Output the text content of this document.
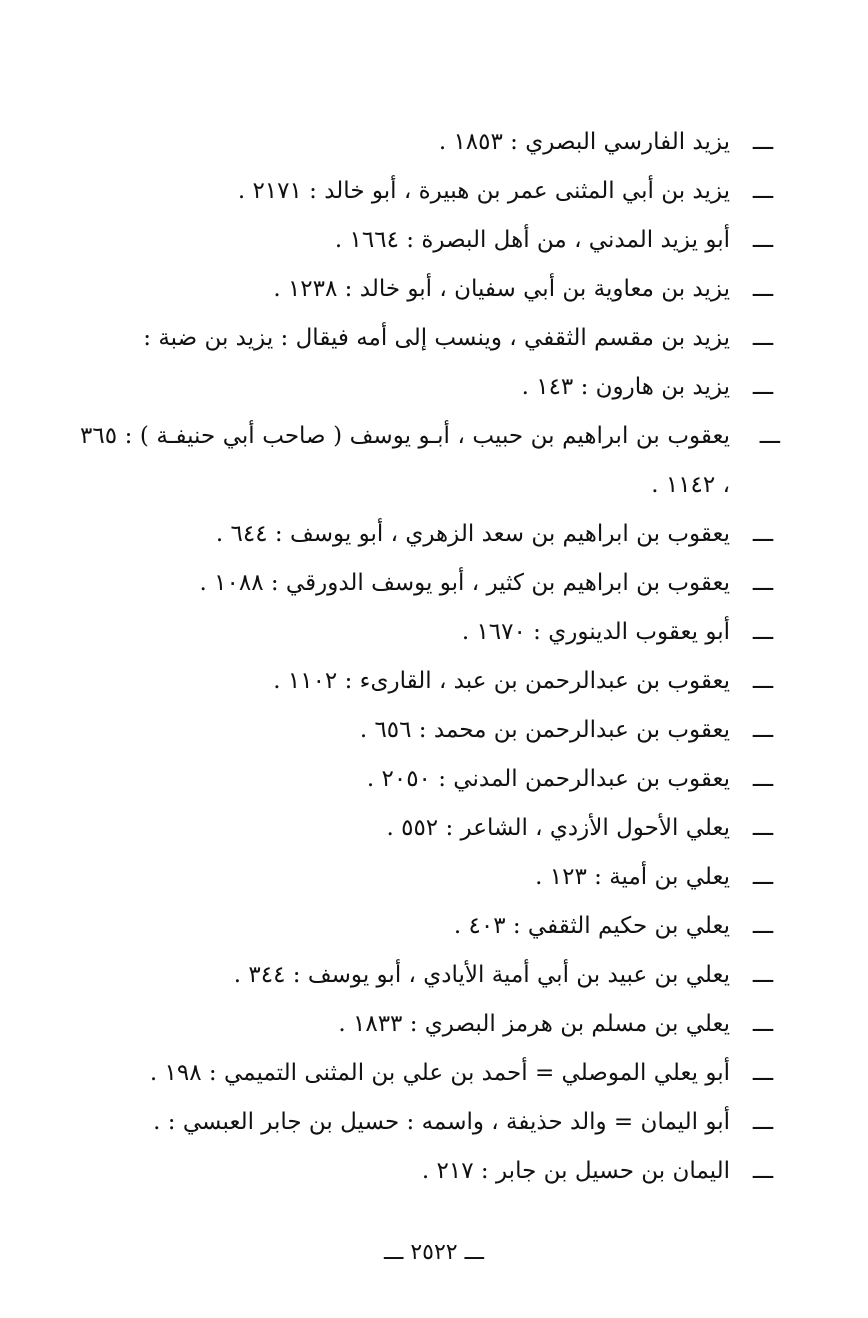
ـــ
يزيد الفارسي البصري : ١٨٥٣ .
ـــ
يزيد بن أبي المثنى عمر بن هبيرة ، أبو خالد : ٢١٧١ .
ـــ
أبو يزيد المدني ، من أهل البصرة : ١٦٦٤ .
ـــ
يزيد بن معاوية بن أبي سفيان ، أبو خالد : ١٢٣٨ .
ـــ
يزيد بن مقسم الثقفي ، وينسب إلى أمه فيقال : يزيد بن ضبة :
ـــ
يزيد بن هارون : ١٤٣ .
ـــ
يعقوب بن ابراهيم بن حبيب ، أبـو يوسف ( صاحب أبي حنيفـة ) : ٣٦٥ ، ١١٤٢ .
ـــ
يعقوب بن ابراهيم بن سعد الزهري ، أبو يوسف : ٦٤٤ .
ـــ
يعقوب بن ابراهيم بن كثير ، أبو يوسف الدورقي : ١٠٨٨ .
ـــ
أبو يعقوب الدينوري : ١٦٧٠ .
ـــ
يعقوب بن عبدالرحمن بن عبد ، القارىء : ١١٠٢ .
ـــ
يعقوب بن عبدالرحمن بن محمد : ٦٥٦ .
ـــ
يعقوب بن عبدالرحمن المدني : ٢٠٥٠ .
ـــ
يعلي الأحول الأزدي ، الشاعر : ٥٥٢ .
ـــ
يعلي بن أمية : ١٢٣ .
ـــ
يعلي بن حكيم الثقفي : ٤٠٣ .
ـــ
يعلي بن عبيد بن أبي أمية الأيادي ، أبو يوسف : ٣٤٤ .
ـــ
يعلي بن مسلم بن هرمز البصري : ١٨٣٣ .
ـــ
أبو يعلي الموصلي = أحمد بن علي بن المثنى التميمي : ١٩٨ .
ـــ
أبو اليمان = والد حذيفة ، واسمه : حسيل بن جابر العبسي : .
ـــ
اليمان بن حسيل بن جابر : ٢١٧ .
ـــ ٢٥٢٢ ـــ
